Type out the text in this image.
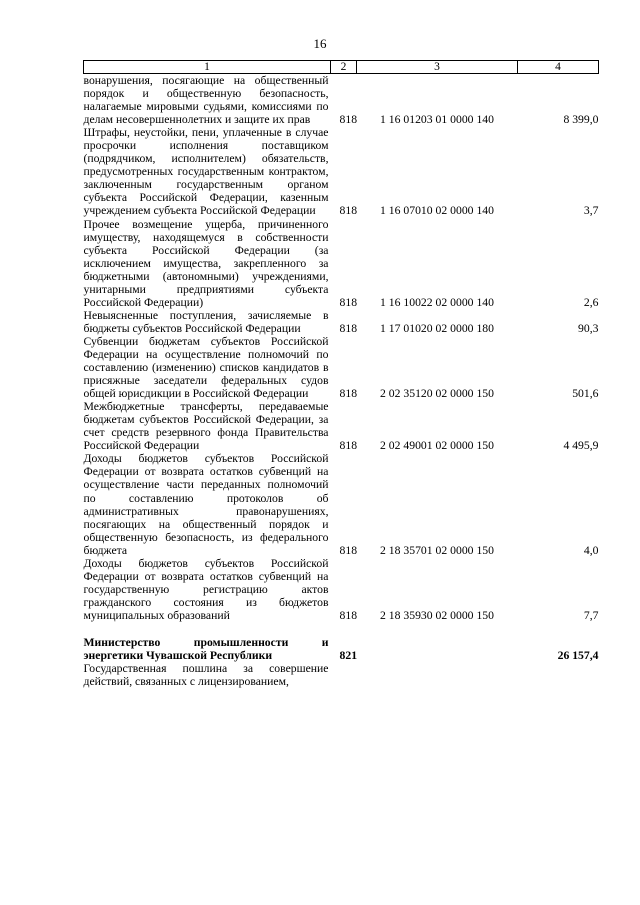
16
1	2	3	4
вонарушения, посягающие на общественный порядок и общественную безопасность, налагаемые мировыми судьями, комиссиями по делам несовершеннолетних и защите их прав	818	1 16 01203 01 0000 140	8 399,0
Штрафы, неустойки, пени, уплаченные в случае просрочки исполнения поставщиком (подрядчиком, исполнителем) обязательств, предусмотренных государственным контрактом, заключенным государственным органом субъекта Российской Федерации, казенным учреждением субъекта Российской Федерации	818	1 16 07010 02 0000 140	3,7
Прочее возмещение ущерба, причиненного имуществу, находящемуся в собственности субъекта Российской Федерации (за исключением имущества, закрепленного за бюджетными (автономными) учреждениями, унитарными предприятиями субъекта Российской Федерации)	818	1 16 10022 02 0000 140	2,6
Невыясненные поступления, зачисляемые в бюджеты субъектов Российской Федерации	818	1 17 01020 02 0000 180	90,3
Субвенции бюджетам субъектов Российской Федерации на осуществление полномочий по составлению (изменению) списков кандидатов в присяжные заседатели федеральных судов общей юрисдикции в Российской Федерации	818	2 02 35120 02 0000 150	501,6
Межбюджетные трансферты, передаваемые бюджетам субъектов Российской Федерации, за счет средств резервного фонда Правительства Российской Федерации	818	2 02 49001 02 0000 150	4 495,9
Доходы бюджетов субъектов Российской Федерации от возврата остатков субвенций на осуществление части переданных полномочий по составлению протоколов об административных правонарушениях, посягающих на общественный порядок и общественную безопасность, из федерального бюджета	818	2 18 35701 02 0000 150	4,0
Доходы бюджетов субъектов Российской Федерации от возврата остатков субвенций на государственную регистрацию актов гражданского состояния из бюджетов муниципальных образований	818	2 18 35930 02 0000 150	7,7

Министерство промышленности и энергетики Чувашской Республики	821		26 157,4
Государственная пошлина за совершение действий, связанных с лицензированием,			
